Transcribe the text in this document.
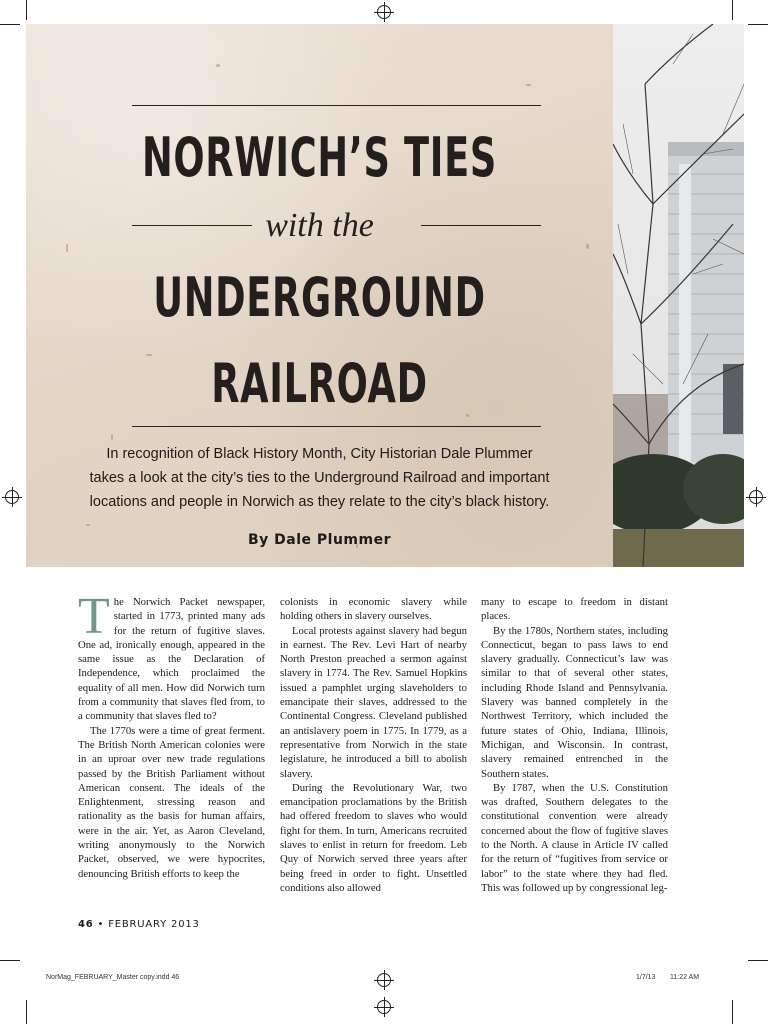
NORWICH’S TIES
with the
UNDERGROUND
RAILROAD
In recognition of Black History Month, City Historian Dale Plummer
takes a look at the city’s ties to the Underground Railroad and important
locations and people in Norwich as they relate to the city’s black history.
By Dale Plummer

The Norwich Packet newspaper, started in 1773, printed many ads for the return of fugitive slaves. One ad, ironically enough, appeared in the same issue as the Declaration of Independence, which proclaimed the equality of all men. How did Norwich turn from a community that slaves fled from, to a community that slaves fled to?

The 1770s were a time of great ferment. The British North American colonies were in an uproar over new trade regulations passed by the British Parliament without American consent. The ideals of the Enlightenment, stressing reason and rationality as the basis for human affairs, were in the air. Yet, as Aaron Cleveland, writing anonymously to the Norwich Packet, observed, we were hypocrites, denouncing British efforts to keep the

colonists in economic slavery while holding others in slavery ourselves.

Local protests against slavery had begun in earnest. The Rev. Levi Hart of nearby North Preston preached a sermon against slavery in 1774. The Rev. Samuel Hopkins issued a pamphlet urging slaveholders to emancipate their slaves, addressed to the Continental Congress. Cleveland published an antislavery poem in 1775. In 1779, as a representative from Norwich in the state legislature, he introduced a bill to abolish slavery.

During the Revolutionary War, two emancipation proclamations by the British had offered freedom to slaves who would fight for them. In turn, Americans recruited slaves to enlist in return for freedom. Leb Quy of Norwich served three years after being freed in order to fight. Unsettled conditions also allowed

many to escape to freedom in distant places.

By the 1780s, Northern states, including Connecticut, began to pass laws to end slavery gradually. Connecticut’s law was similar to that of several other states, including Rhode Island and Pennsylvania. Slavery was banned completely in the Northwest Territory, which included the future states of Ohio, Indiana, Illinois, Michigan, and Wisconsin. In contrast, slavery remained entrenched in the Southern states.

By 1787, when the U.S. Constitution was drafted, Southern delegates to the constitutional convention were already concerned about the flow of fugitive slaves to the North. A clause in Article IV called for the return of “fugitives from service or labor” to the state where they had fled. This was followed up by congressional leg-

46 • FEBRUARY 2013
NorMag_FEBRUARY_Master copy.indd 46	1/7/13 11:22 AM
